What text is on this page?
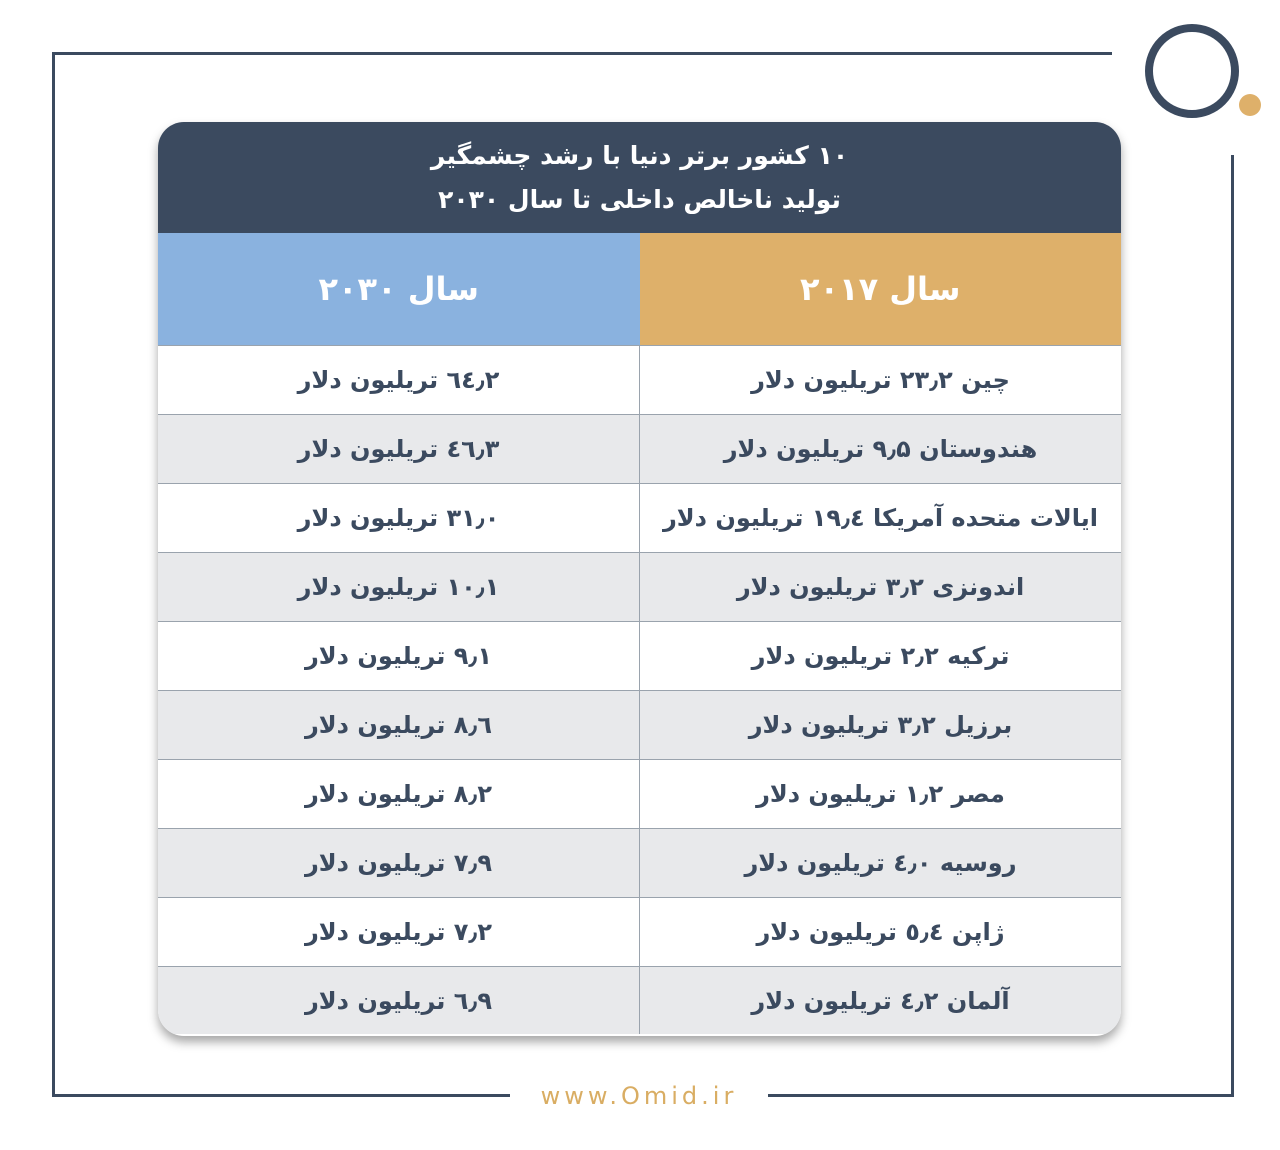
۱۰ کشور برتر دنیا با رشد چشمگیر
تولید ناخالص داخلی تا سال ۲۰۳۰
سال ۲۰۳۰	سال ۲۰۱۷
٦٤٫۲ تریلیون دلار	چین ۲۳٫۲ تریلیون دلار
٤٦٫۳ تریلیون دلار	هندوستان ۹٫۵ تریلیون دلار
۳۱٫۰ تریلیون دلار	ایالات متحده آمریکا ۱۹٫٤ تریلیون دلار
۱۰٫۱ تریلیون دلار	اندونزی ۳٫۲ تریلیون دلار
۹٫۱ تریلیون دلار	ترکیه ۲٫۲ تریلیون دلار
۸٫٦ تریلیون دلار	برزیل ۳٫۲ تریلیون دلار
۸٫۲ تریلیون دلار	مصر ۱٫۲ تریلیون دلار
۷٫۹ تریلیون دلار	روسیه ٤٫۰ تریلیون دلار
۷٫۲ تریلیون دلار	ژاپن ٥٫٤ تریلیون دلار
٦٫۹ تریلیون دلار	آلمان ٤٫۲ تریلیون دلار
www.Omid.ir
